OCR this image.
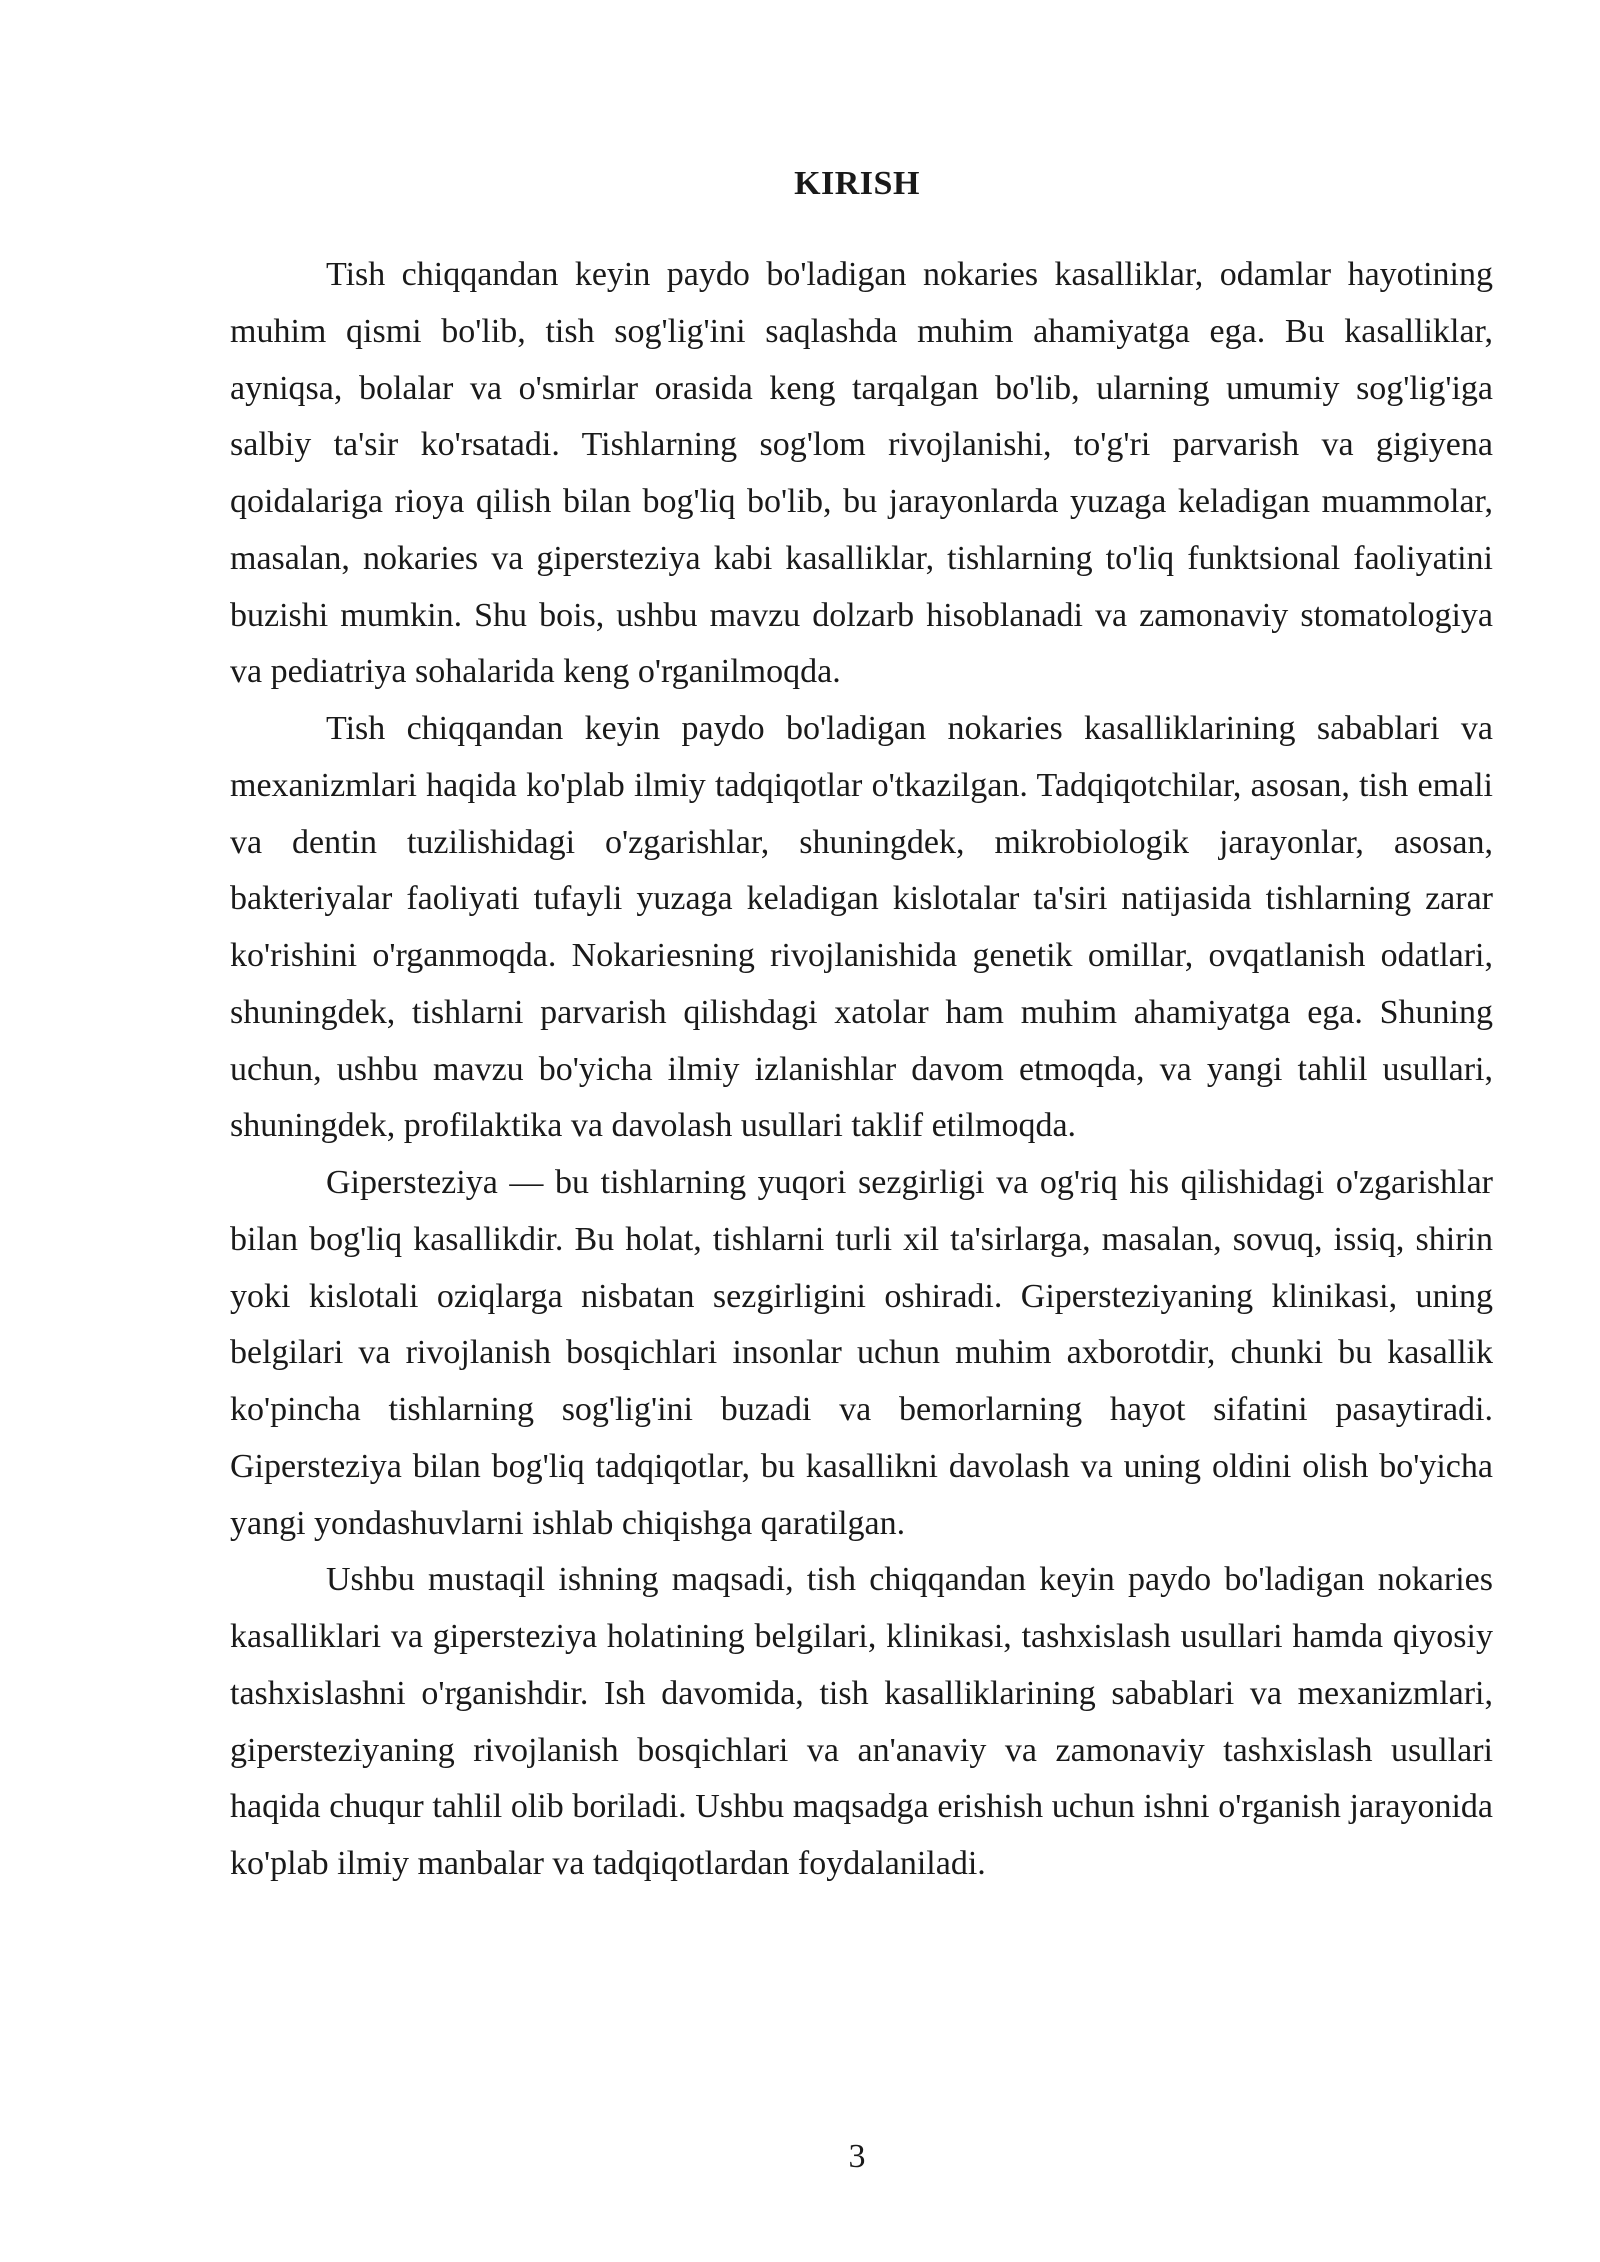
KIRISH

Tish chiqqandan keyin paydo bo'ladigan nokaries kasalliklar, odamlar hayotining muhim qismi bo'lib, tish sog'lig'ini saqlashda muhim ahamiyatga ega. Bu kasalliklar, ayniqsa, bolalar va o'smirlar orasida keng tarqalgan bo'lib, ularning umumiy sog'lig'iga salbiy ta'sir ko'rsatadi. Tishlarning sog'lom rivojlanishi, to'g'ri parvarish va gigiyena qoidalariga rioya qilish bilan bog'liq bo'lib, bu jarayonlarda yuzaga keladigan muammolar, masalan, nokaries va gipersteziya kabi kasalliklar, tishlarning to'liq funktsional faoliyatini buzishi mumkin. Shu bois, ushbu mavzu dolzarb hisoblanadi va zamonaviy stomatologiya va pediatriya sohalarida keng o'rganilmoqda.

Tish chiqqandan keyin paydo bo'ladigan nokaries kasalliklarining sabablari va mexanizmlari haqida ko'plab ilmiy tadqiqotlar o'tkazilgan. Tadqiqotchilar, asosan, tish emali va dentin tuzilishidagi o'zgarishlar, shuningdek, mikrobiologik jarayonlar, asosan, bakteriyalar faoliyati tufayli yuzaga keladigan kislotalar ta'siri natijasida tishlarning zarar ko'rishini o'rganmoqda. Nokariesning rivojlanishida genetik omillar, ovqatlanish odatlari, shuningdek, tishlarni parvarish qilishdagi xatolar ham muhim ahamiyatga ega. Shuning uchun, ushbu mavzu bo'yicha ilmiy izlanishlar davom etmoqda, va yangi tahlil usullari, shuningdek, profilaktika va davolash usullari taklif etilmoqda.

Gipersteziya — bu tishlarning yuqori sezgirligi va og'riq his qilishidagi o'zgarishlar bilan bog'liq kasallikdir. Bu holat, tishlarni turli xil ta'sirlarga, masalan, sovuq, issiq, shirin yoki kislotali oziqlarga nisbatan sezgirligini oshiradi. Gipersteziyaning klinikasi, uning belgilari va rivojlanish bosqichlari insonlar uchun muhim axborotdir, chunki bu kasallik ko'pincha tishlarning sog'lig'ini buzadi va bemorlarning hayot sifatini pasaytiradi. Gipersteziya bilan bog'liq tadqiqotlar, bu kasallikni davolash va uning oldini olish bo'yicha yangi yondashuvlarni ishlab chiqishga qaratilgan.

Ushbu mustaqil ishning maqsadi, tish chiqqandan keyin paydo bo'ladigan nokaries kasalliklari va gipersteziya holatining belgilari, klinikasi, tashxislash usullari hamda qiyosiy tashxislashni o'rganishdir. Ish davomida, tish kasalliklarining sabablari va mexanizmlari, gipersteziyaning rivojlanish bosqichlari va an'anaviy va zamonaviy tashxislash usullari haqida chuqur tahlil olib boriladi. Ushbu maqsadga erishish uchun ishni o'rganish jarayonida ko'plab ilmiy manbalar va tadqiqotlardan foydalaniladi.

3
